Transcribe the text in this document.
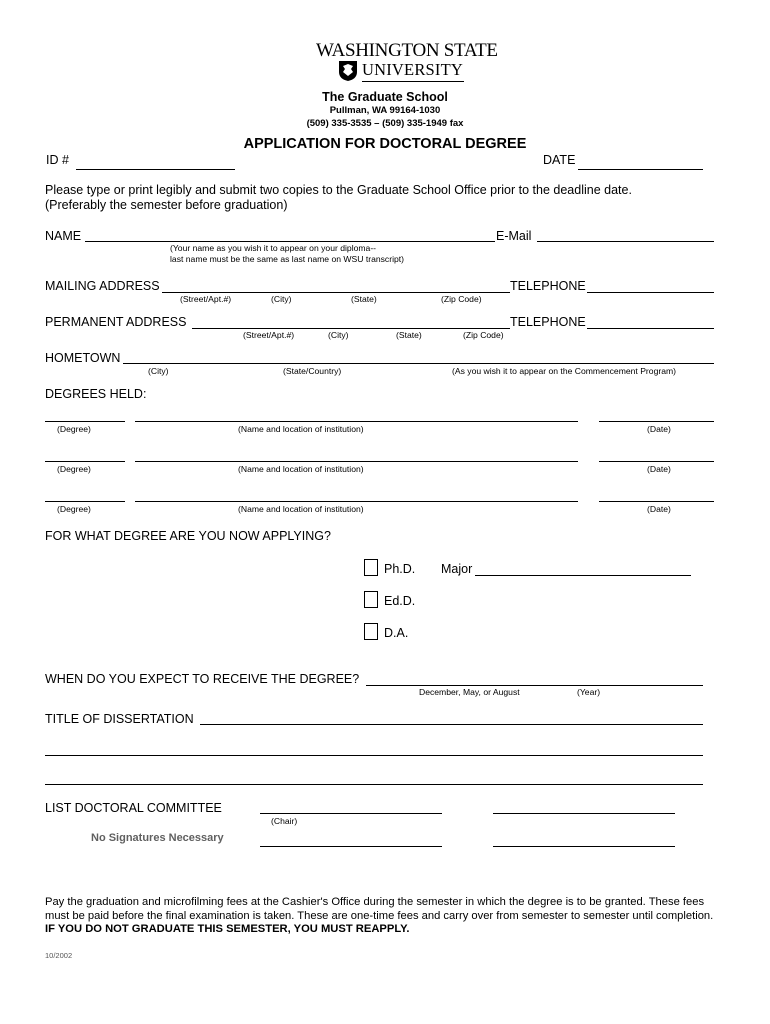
WASHINGTON STATE
UNIVERSITY
The Graduate School
Pullman, WA 99164-1030
(509) 335-3535 – (509) 335-1949 fax
APPLICATION FOR DOCTORAL DEGREE
ID #	DATE
Please type or print legibly and submit two copies to the Graduate School Office prior to the deadline date.
(Preferably the semester before graduation)
NAME	E-Mail
(Your name as you wish it to appear on your diploma--
last name must be the same as last name on WSU transcript)
MAILING ADDRESS	TELEPHONE
(Street/Apt.#)	(City)	(State)	(Zip Code)
PERMANENT ADDRESS	TELEPHONE
(Street/Apt.#)	(City)	(State)	(Zip Code)
HOMETOWN
(City)	(State/Country)	(As you wish it to appear on the Commencement Program)
DEGREES HELD:
(Degree)	(Name and location of institution)	(Date)
(Degree)	(Name and location of institution)	(Date)
(Degree)	(Name and location of institution)	(Date)
FOR WHAT DEGREE ARE YOU NOW APPLYING?
Ph.D. Major
Ed.D.
D.A.
WHEN DO YOU EXPECT TO RECEIVE THE DEGREE?
December, May, or August	(Year)
TITLE OF DISSERTATION
LIST DOCTORAL COMMITTEE
(Chair)
No Signatures Necessary
Pay the graduation and microfilming fees at the Cashier's Office during the semester in which the degree is to be granted. These fees
must be paid before the final examination is taken. These are one-time fees and carry over from semester to semester until completion.
IF YOU DO NOT GRADUATE THIS SEMESTER, YOU MUST REAPPLY.
10/2002
